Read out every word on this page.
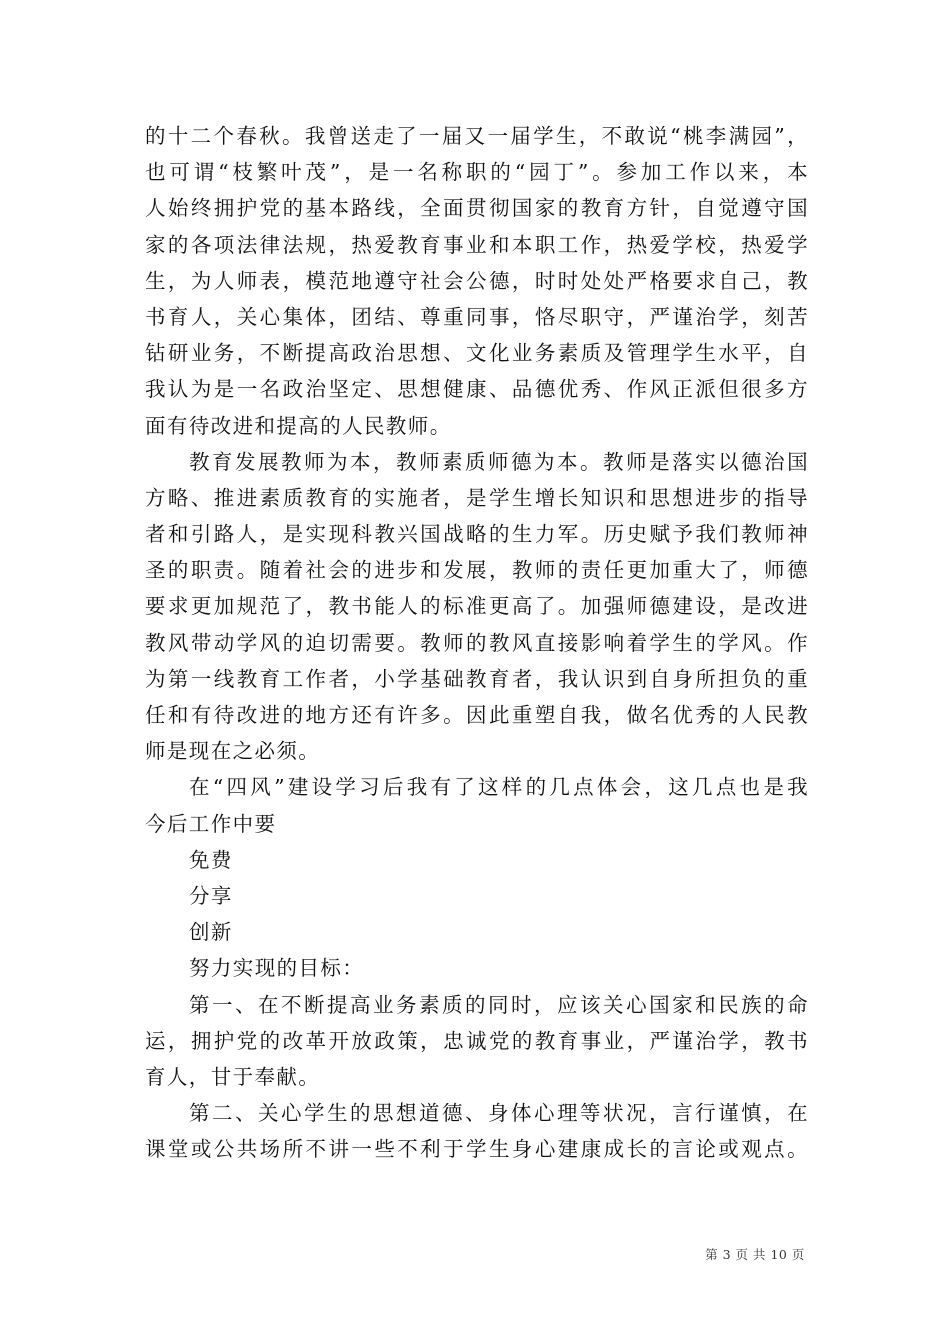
的十二个春秋。我曾送走了一届又一届学生，不敢说“桃李满园”，
也可谓“枝繁叶茂”，是一名称职的“园丁”。参加工作以来，本
人始终拥护党的基本路线，全面贯彻国家的教育方针，自觉遵守国
家的各项法律法规，热爱教育事业和本职工作，热爱学校，热爱学
生，为人师表，模范地遵守社会公德，时时处处严格要求自己，教
书育人，关心集体，团结、尊重同事，恪尽职守，严谨治学，刻苦
钻研业务，不断提高政治思想、文化业务素质及管理学生水平，自
我认为是一名政治坚定、思想健康、品德优秀、作风正派但很多方
面有待改进和提高的人民教师。
教育发展教师为本，教师素质师德为本。教师是落实以德治国
方略、推进素质教育的实施者，是学生增长知识和思想进步的指导
者和引路人，是实现科教兴国战略的生力军。历史赋予我们教师神
圣的职责。随着社会的进步和发展，教师的责任更加重大了，师德
要求更加规范了，教书能人的标准更高了。加强师德建设，是改进
教风带动学风的迫切需要。教师的教风直接影响着学生的学风。作
为第一线教育工作者，小学基础教育者，我认识到自身所担负的重
任和有待改进的地方还有许多。因此重塑自我，做名优秀的人民教
师是现在之必须。
在“四风”建设学习后我有了这样的几点体会，这几点也是我
今后工作中要
免费
分享
创新
努力实现的目标：
第一、在不断提高业务素质的同时，应该关心国家和民族的命
运，拥护党的改革开放政策，忠诚党的教育事业，严谨治学，教书
育人，甘于奉献。
第二、关心学生的思想道德、身体心理等状况，言行谨慎，在
课堂或公共场所不讲一些不利于学生身心建康成长的言论或观点。
第 3 页 共 10 页
